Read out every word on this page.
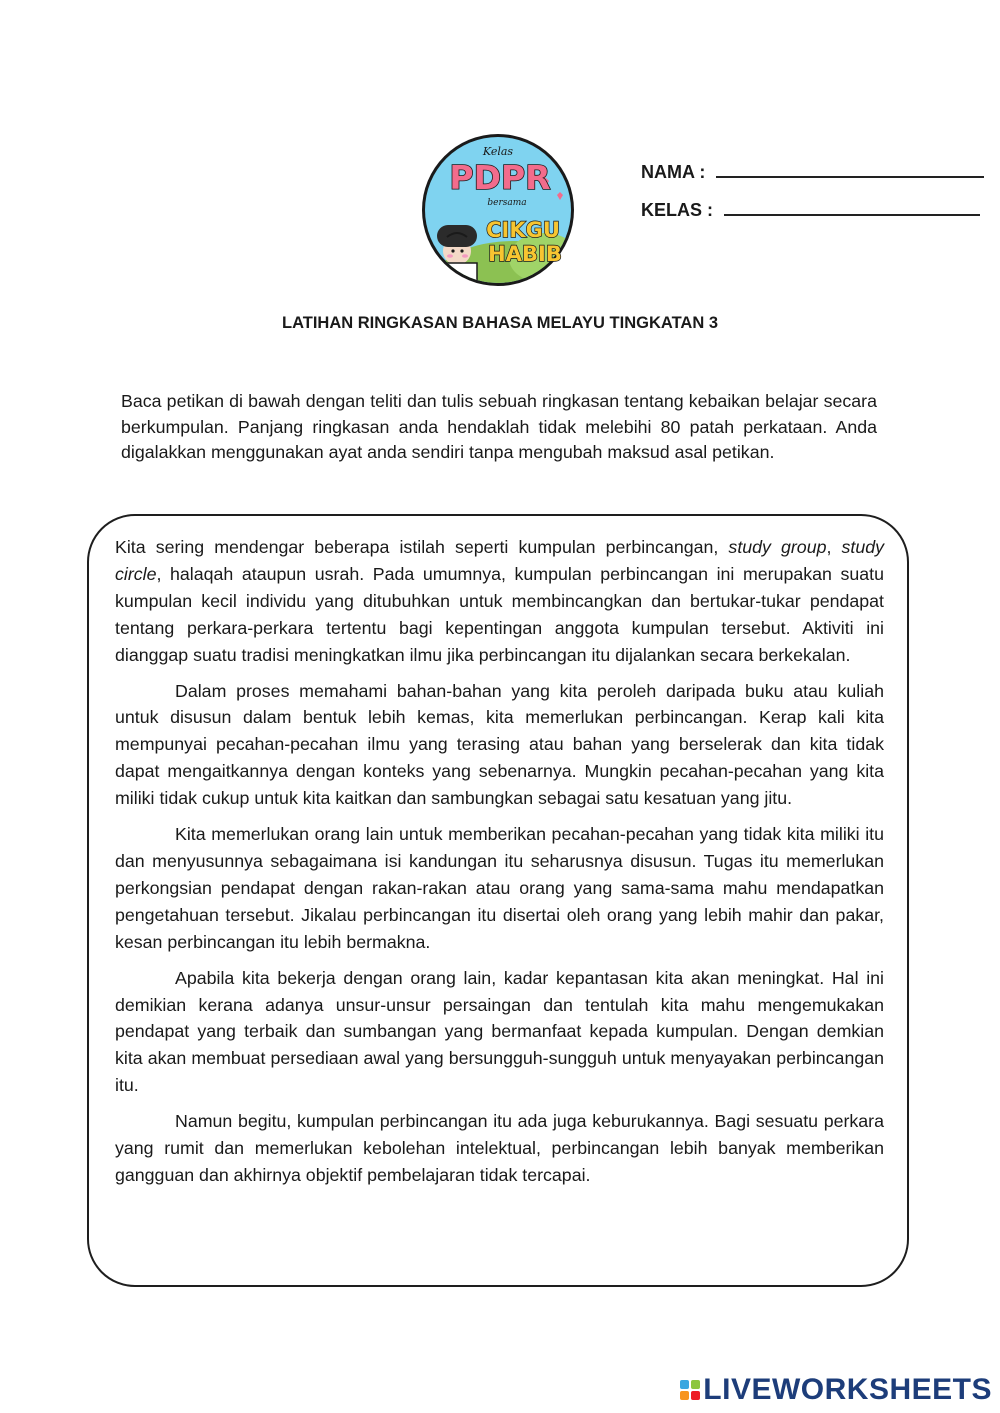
Kelas
PDPR
bersama
CIKGU
HABIB
NAMA :
KELAS :
LATIHAN RINGKASAN BAHASA MELAYU TINGKATAN 3
Baca petikan di bawah dengan teliti dan tulis sebuah ringkasan tentang kebaikan belajar secara berkumpulan. Panjang ringkasan anda hendaklah tidak melebihi 80 patah perkataan. Anda digalakkan menggunakan ayat anda sendiri tanpa mengubah maksud asal petikan.

Kita sering mendengar beberapa istilah seperti kumpulan perbincangan, study group, study circle, halaqah ataupun usrah. Pada umumnya, kumpulan perbincangan ini merupakan suatu kumpulan kecil individu yang ditubuhkan untuk membincangkan dan bertukar-tukar pendapat tentang perkara-perkara tertentu bagi kepentingan anggota kumpulan tersebut. Aktiviti ini dianggap suatu tradisi meningkatkan ilmu jika perbincangan itu dijalankan secara berkekalan.

Dalam proses memahami bahan-bahan yang kita peroleh daripada buku atau kuliah untuk disusun dalam bentuk lebih kemas, kita memerlukan perbincangan. Kerap kali kita mempunyai pecahan-pecahan ilmu yang terasing atau bahan yang berselerak dan kita tidak dapat mengaitkannya dengan konteks yang sebenarnya. Mungkin pecahan-pecahan yang kita miliki tidak cukup untuk kita kaitkan dan sambungkan sebagai satu kesatuan yang jitu.

Kita memerlukan orang lain untuk memberikan pecahan-pecahan yang tidak kita miliki itu dan menyusunnya sebagaimana isi kandungan itu seharusnya disusun. Tugas itu memerlukan perkongsian pendapat dengan rakan-rakan atau orang yang sama-sama mahu mendapatkan pengetahuan tersebut. Jikalau perbincangan itu disertai oleh orang yang lebih mahir dan pakar, kesan perbincangan itu lebih bermakna.

Apabila kita bekerja dengan orang lain, kadar kepantasan kita akan meningkat. Hal ini demikian kerana adanya unsur-unsur persaingan dan tentulah kita mahu mengemukakan pendapat yang terbaik dan sumbangan yang bermanfaat kepada kumpulan. Dengan demkian kita akan membuat persediaan awal yang bersungguh-sungguh untuk menyayakan perbincangan itu.

Namun begitu, kumpulan perbincangan itu ada juga keburukannya. Bagi sesuatu perkara yang rumit dan memerlukan kebolehan intelektual, perbincangan lebih banyak memberikan gangguan dan akhirnya objektif pembelajaran tidak tercapai.

LIVEWORKSHEETS
